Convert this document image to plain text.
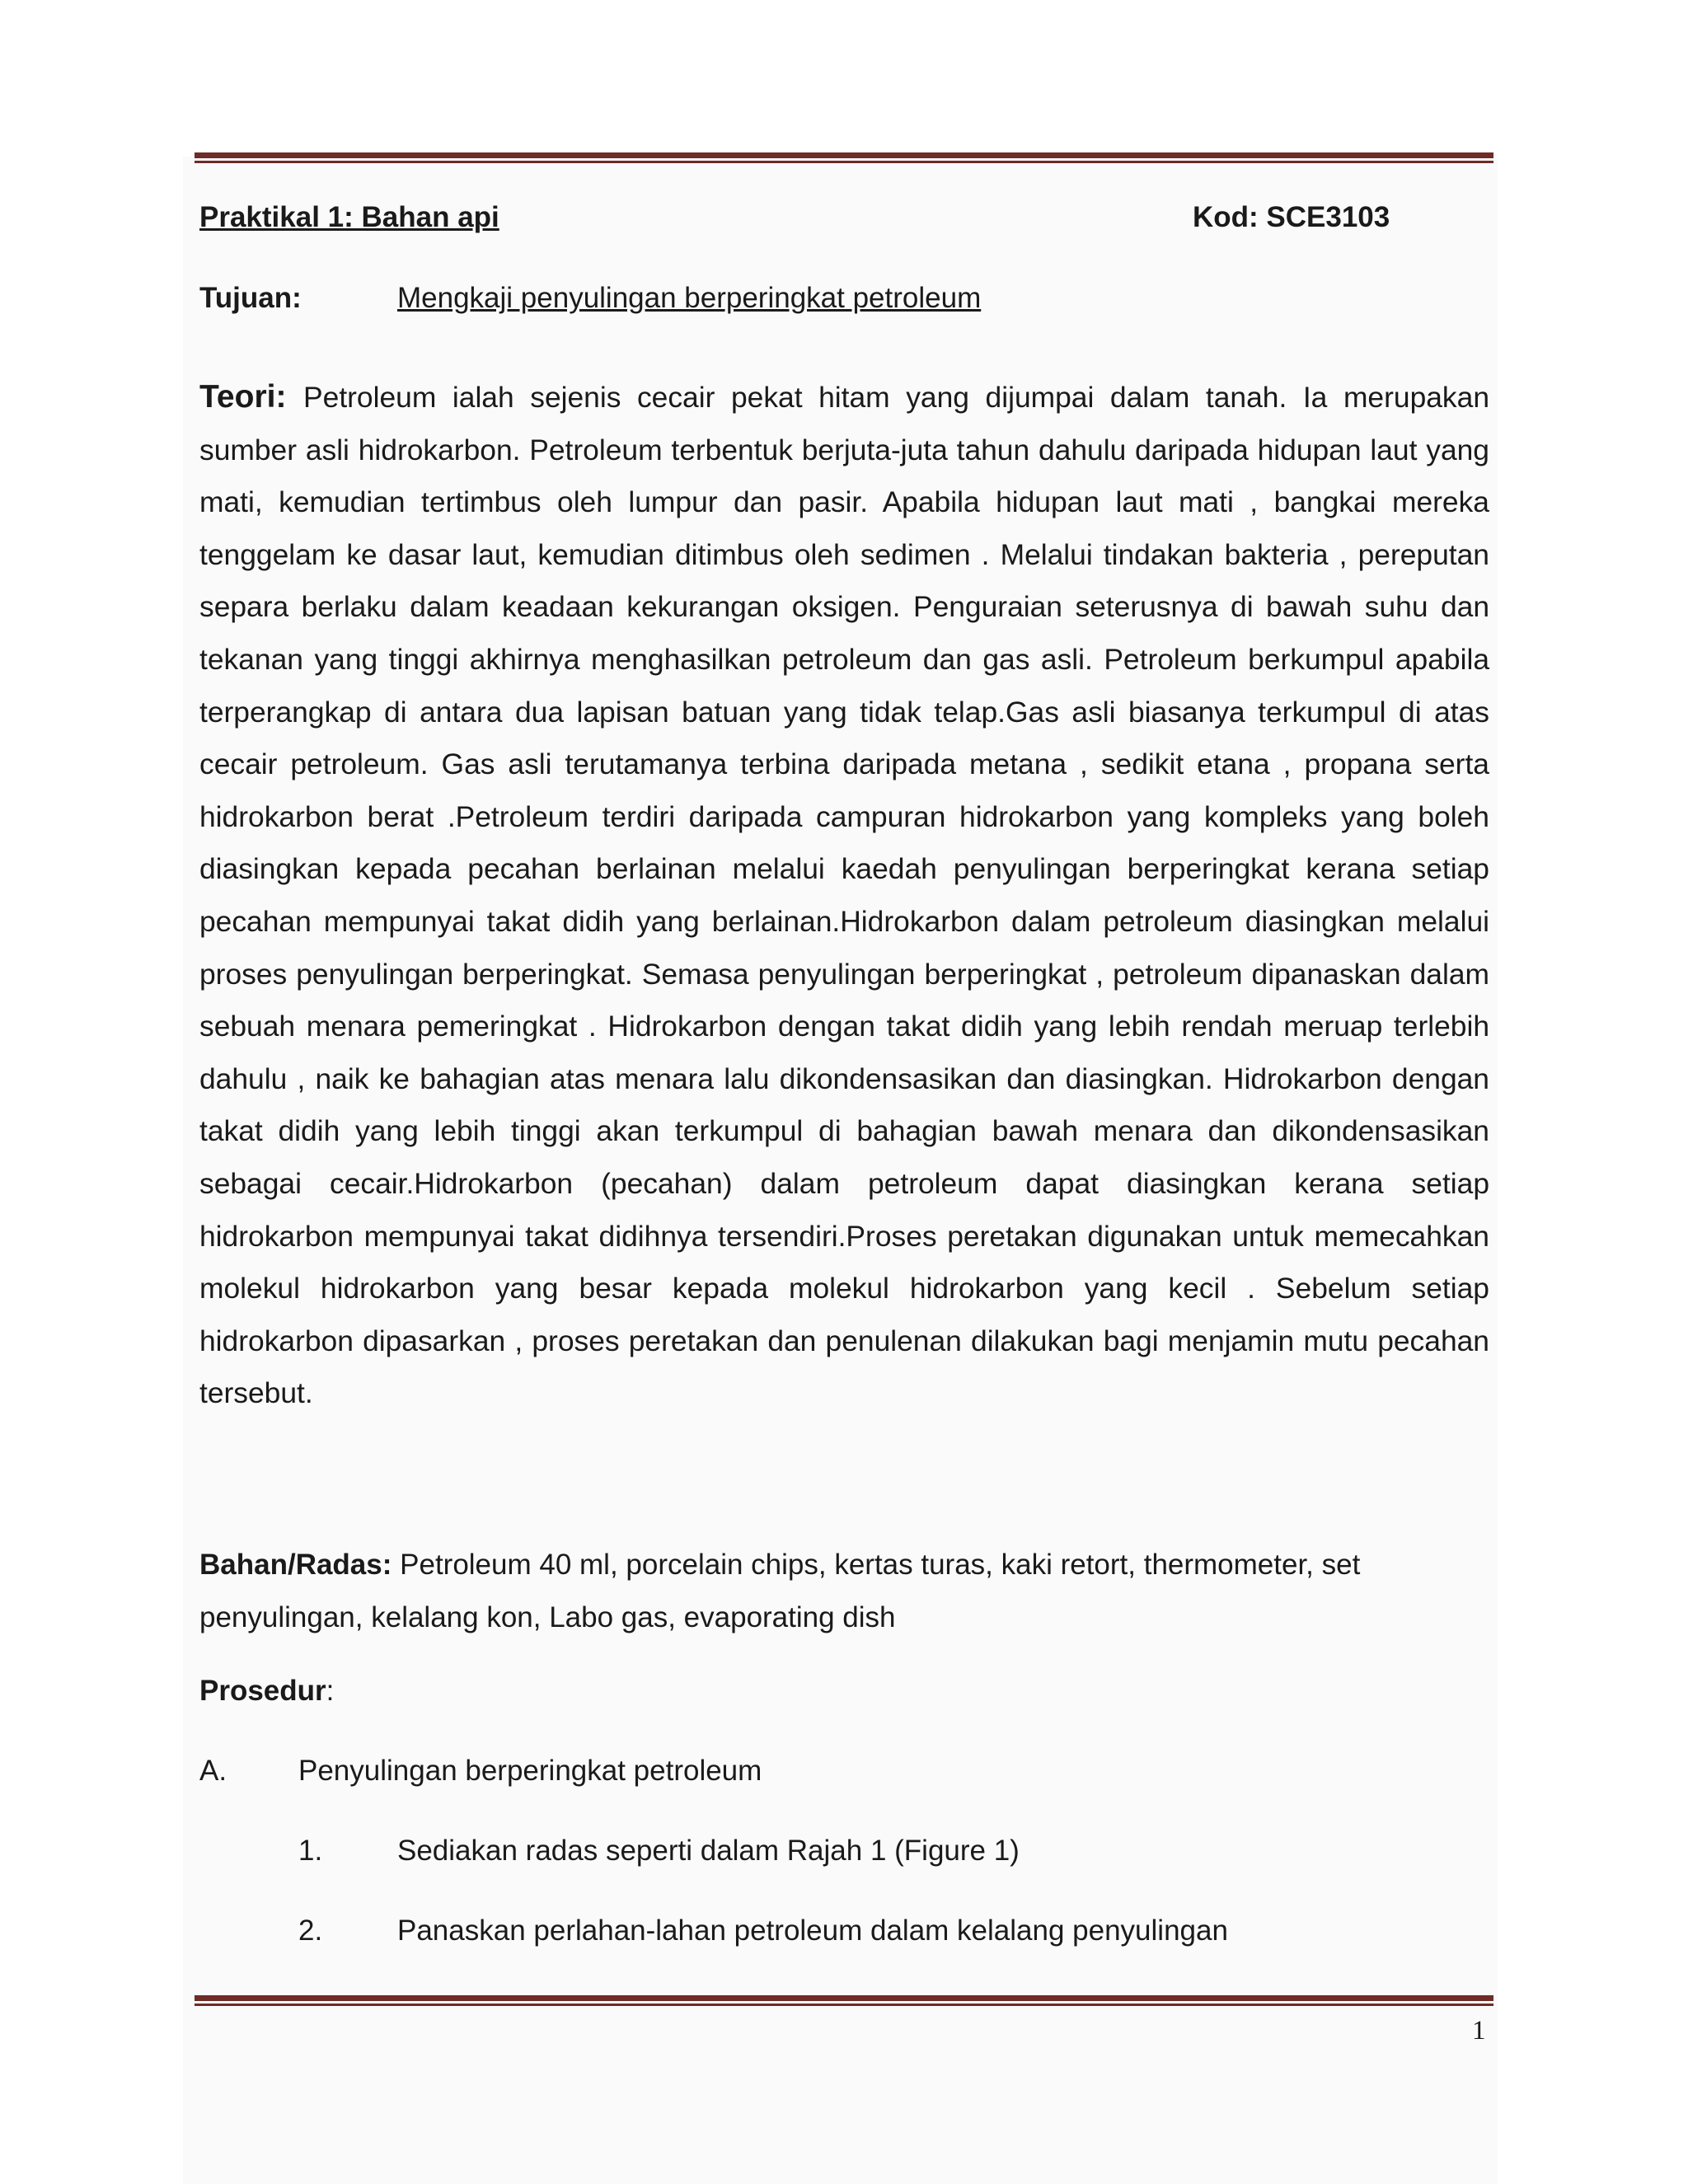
Praktikal 1: Bahan api	Kod: SCE3103
Tujuan:	Mengkaji penyulingan berperingkat petroleum
Teori: Petroleum ialah sejenis cecair pekat hitam yang dijumpai dalam tanah. Ia merupakan sumber asli hidrokarbon. Petroleum terbentuk berjuta-juta tahun dahulu daripada hidupan laut yang mati, kemudian tertimbus oleh lumpur dan pasir. Apabila hidupan laut mati , bangkai mereka tenggelam ke dasar laut, kemudian ditimbus oleh sedimen . Melalui tindakan bakteria , pereputan separa berlaku dalam keadaan kekurangan oksigen. Penguraian seterusnya di bawah suhu dan tekanan yang tinggi akhirnya menghasilkan petroleum dan gas asli. Petroleum berkumpul apabila terperangkap di antara dua lapisan batuan yang tidak telap.Gas asli biasanya terkumpul di atas cecair petroleum. Gas asli terutamanya terbina daripada metana , sedikit etana , propana serta hidrokarbon berat .Petroleum terdiri daripada campuran hidrokarbon yang kompleks yang boleh diasingkan kepada pecahan berlainan melalui kaedah penyulingan berperingkat kerana setiap pecahan mempunyai takat didih yang berlainan.Hidrokarbon dalam petroleum diasingkan melalui proses penyulingan berperingkat. Semasa penyulingan berperingkat , petroleum dipanaskan dalam sebuah menara pemeringkat . Hidrokarbon dengan takat didih yang lebih rendah meruap terlebih dahulu , naik ke bahagian atas menara lalu dikondensasikan dan diasingkan. Hidrokarbon dengan takat didih yang lebih tinggi akan terkumpul di bahagian bawah menara dan dikondensasikan sebagai cecair.Hidrokarbon (pecahan) dalam petroleum dapat diasingkan kerana setiap hidrokarbon mempunyai takat didihnya tersendiri.Proses peretakan digunakan untuk memecahkan molekul hidrokarbon yang besar kepada molekul hidrokarbon yang kecil . Sebelum setiap hidrokarbon dipasarkan , proses peretakan dan penulenan dilakukan bagi menjamin mutu pecahan tersebut.
Bahan/Radas: Petroleum 40 ml, porcelain chips, kertas turas, kaki retort, thermometer, set penyulingan, kelalang kon, Labo gas, evaporating dish
Prosedur:
A. Penyulingan berperingkat petroleum
1.	Sediakan radas seperti dalam Rajah 1 (Figure 1)
2.	Panaskan perlahan-lahan petroleum dalam kelalang penyulingan
1
